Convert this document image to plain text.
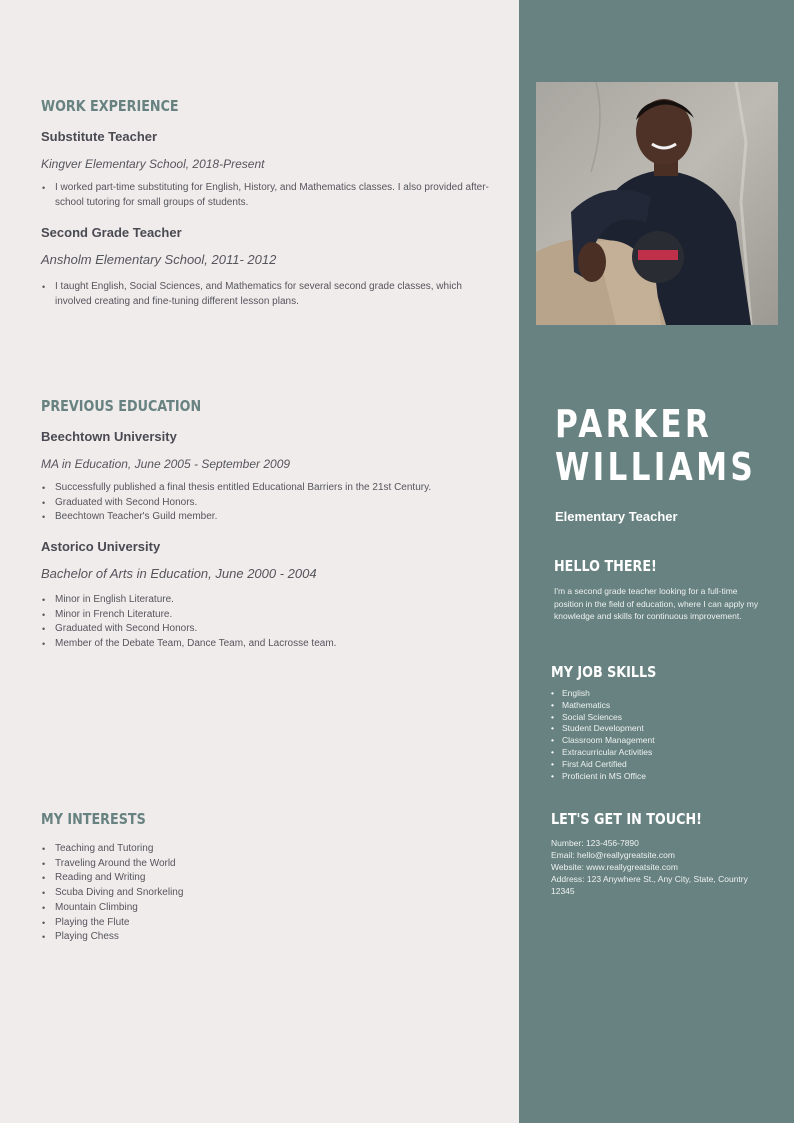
WORK EXPERIENCE
Substitute Teacher

Kingver Elementary School, 2018-Present

• I worked part-time substituting for English, History, and Mathematics classes. I also provided after-school tutoring for small groups of students.
Second Grade Teacher

Ansholm Elementary School, 2011- 2012

• I taught English, Social Sciences, and Mathematics for several second grade classes, which involved creating and fine-tuning different lesson plans.
PREVIOUS EDUCATION
Beechtown University

MA in Education, June 2005 - September 2009

• Successfully published a final thesis entitled Educational Barriers in the 21st Century.
• Graduated with Second Honors.
• Beechtown Teacher's Guild member.
Astorico University

Bachelor of Arts in Education, June 2000 - 2004

• Minor in English Literature.
• Minor in French Literature.
• Graduated with Second Honors.
• Member of the Debate Team, Dance Team, and Lacrosse team.
MY INTERESTS
• Teaching and Tutoring
• Traveling Around the World
• Reading and Writing
• Scuba Diving and Snorkeling
• Mountain Climbing
• Playing the Flute
• Playing Chess
PARKER
WILLIAMS

Elementary Teacher

HELLO THERE!

I'm a second grade teacher looking for a full-time position in the field of education, where I can apply my knowledge and skills for continuous improvement.

MY JOB SKILLS
• English
• Mathematics
• Social Sciences
• Student Development
• Classroom Management
• Extracurricular Activities
• First Aid Certified
• Proficient in MS Office
LET'S GET IN TOUCH!

Number: 123-456-7890

Email: hello@reallygreatsite.com

Website: www.reallygreatsite.com

Address: 123 Anywhere St., Any City, State, Country 12345
